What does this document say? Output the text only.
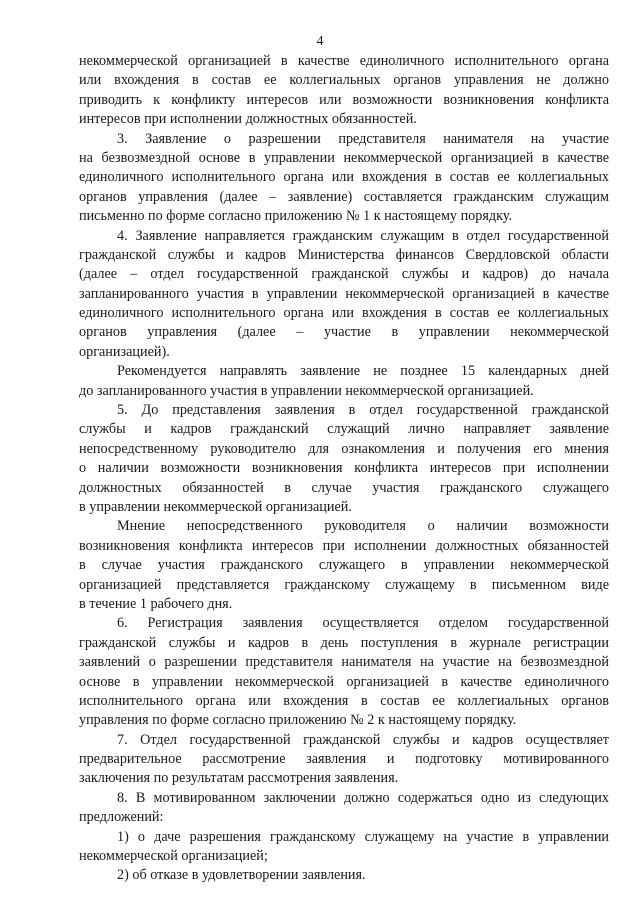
4
некоммерческой организацией в качестве единоличного исполнительного органа
или вхождения в состав ее коллегиальных органов управления не должно
приводить к конфликту интересов или возможности возникновения конфликта
интересов при исполнении должностных обязанностей.
3. Заявление о разрешении представителя нанимателя на участие
на безвозмездной основе в управлении некоммерческой организацией в качестве
единоличного исполнительного органа или вхождения в состав ее коллегиальных
органов управления (далее – заявление) составляется гражданским служащим
письменно по форме согласно приложению № 1 к настоящему порядку.
4. Заявление направляется гражданским служащим в отдел государственной
гражданской службы и кадров Министерства финансов Свердловской области
(далее – отдел государственной гражданской службы и кадров) до начала
запланированного участия в управлении некоммерческой организацией в качестве
единоличного исполнительного органа или вхождения в состав ее коллегиальных
органов управления (далее – участие в управлении некоммерческой
организацией).
Рекомендуется направлять заявление не позднее 15 календарных дней
до запланированного участия в управлении некоммерческой организацией.
5. До представления заявления в отдел государственной гражданской
службы и кадров гражданский служащий лично направляет заявление
непосредственному руководителю для ознакомления и получения его мнения
о наличии возможности возникновения конфликта интересов при исполнении
должностных обязанностей в случае участия гражданского служащего
в управлении некоммерческой организацией.
Мнение непосредственного руководителя о наличии возможности
возникновения конфликта интересов при исполнении должностных обязанностей
в случае участия гражданского служащего в управлении некоммерческой
организацией представляется гражданскому служащему в письменном виде
в течение 1 рабочего дня.
6. Регистрация заявления осуществляется отделом государственной
гражданской службы и кадров в день поступления в журнале регистрации
заявлений о разрешении представителя нанимателя на участие на безвозмездной
основе в управлении некоммерческой организацией в качестве единоличного
исполнительного органа или вхождения в состав ее коллегиальных органов
управления по форме согласно приложению № 2 к настоящему порядку.
7. Отдел государственной гражданской службы и кадров осуществляет
предварительное рассмотрение заявления и подготовку мотивированного
заключения по результатам рассмотрения заявления.
8. В мотивированном заключении должно содержаться одно из следующих
предложений:
1) о даче разрешения гражданскому служащему на участие в управлении
некоммерческой организацией;
2) об отказе в удовлетворении заявления.
